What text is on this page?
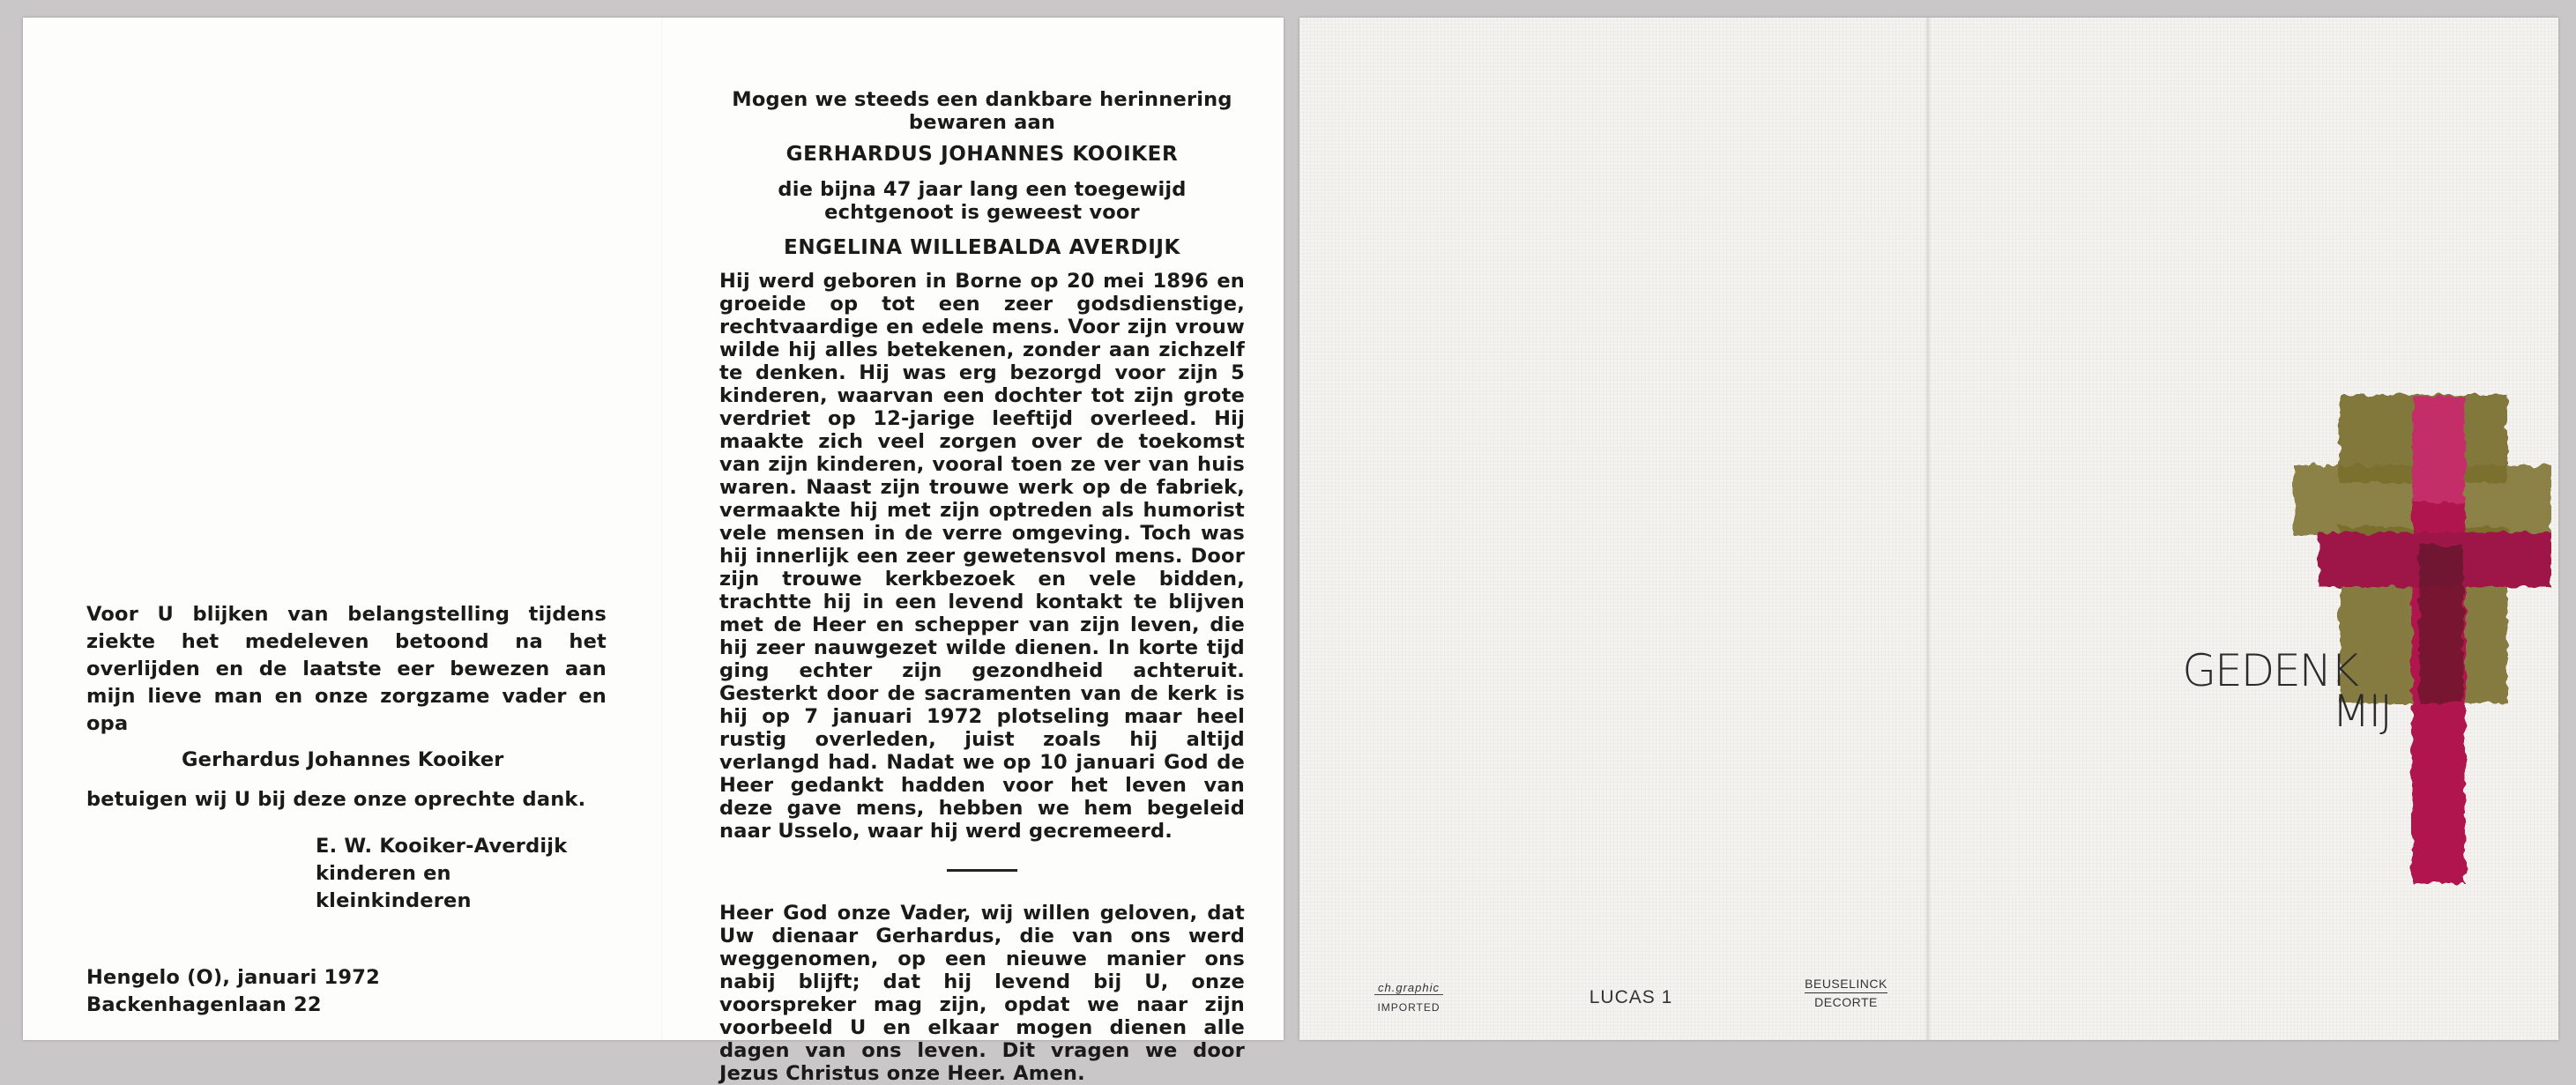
Voor U blijken van belangstelling tijdens ziekte het medeleven betoond na het overlijden en de laatste eer bewezen aan mijn lieve man en onze zorgzame vader en opa

Gerhardus Johannes Kooiker

betuigen wij U bij deze onze oprechte dank.

E. W. Kooiker-Averdijk

kinderen en kleinkinderen

Hengelo (O), januari 1972

Backenhagenlaan 22

Mogen we steeds een dankbare herinnering bewaren aan

GERHARDUS JOHANNES KOOIKER

die bijna 47 jaar lang een toegewijd echtgenoot is geweest voor

ENGELINA WILLEBALDA AVERDIJK

Hij werd geboren in Borne op 20 mei 1896 en groeide op tot een zeer godsdienstige, rechtvaardige en edele mens. Voor zijn vrouw wilde hij alles betekenen, zonder aan zichzelf te denken. Hij was erg bezorgd voor zijn 5 kinderen, waarvan een dochter tot zijn grote verdriet op 12-jarige leeftijd overleed. Hij maakte zich veel zorgen over de toekomst van zijn kinderen, vooral toen ze ver van huis waren. Naast zijn trouwe werk op de fabriek, vermaakte hij met zijn optreden als humorist vele mensen in de verre omgeving. Toch was hij innerlijk een zeer gewetensvol mens. Door zijn trouwe kerkbezoek en vele bidden, trachtte hij in een levend kontakt te blijven met de Heer en schepper van zijn leven, die hij zeer nauwgezet wilde dienen. In korte tijd ging echter zijn gezondheid achteruit. Gesterkt door de sacramenten van de kerk is hij op 7 januari 1972 plotseling maar heel rustig overleden, juist zoals hij altijd verlangd had. Nadat we op 10 januari God de Heer gedankt hadden voor het leven van deze gave mens, hebben we hem begeleid naar Usselo, waar hij werd gecremeerd.

Heer God onze Vader, wij willen geloven, dat Uw dienaar Gerhardus, die van ons werd weggenomen, op een nieuwe manier ons nabij blijft; dat hij levend bij U, onze voorspreker mag zijn, opdat we naar zijn voorbeeld U en elkaar mogen dienen alle dagen van ons leven. Dit vragen we door Jezus Christus onze Heer. Amen.

GEDENK
MIJ
ch.graphic
IMPORTED	LUCAS 1
BEUSELINCK
DECORTE
